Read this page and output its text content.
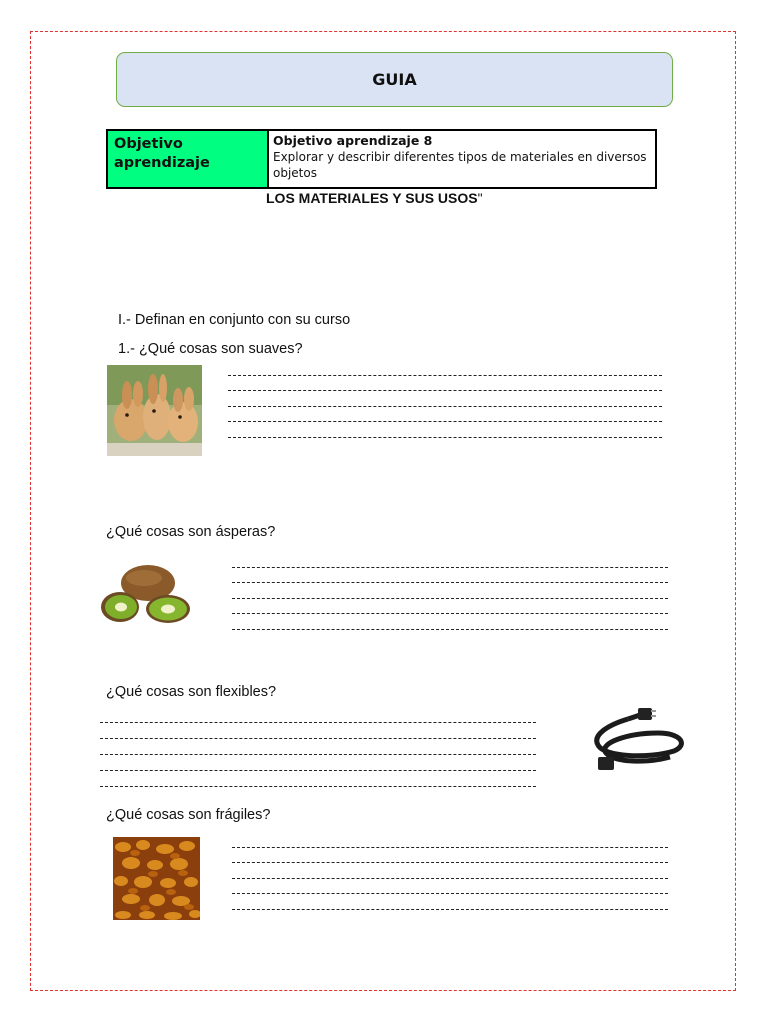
GUIA
Objetivo aprendizaje
Objetivo aprendizaje 8
Explorar y describir diferentes tipos de materiales en diversos objetos
LOS MATERIALES Y SUS USOS"
I.- Definan en conjunto con su curso
1.- ¿Qué cosas son suaves?
¿Qué cosas son ásperas?
¿Qué cosas son flexibles?
¿Qué cosas son frágiles?
